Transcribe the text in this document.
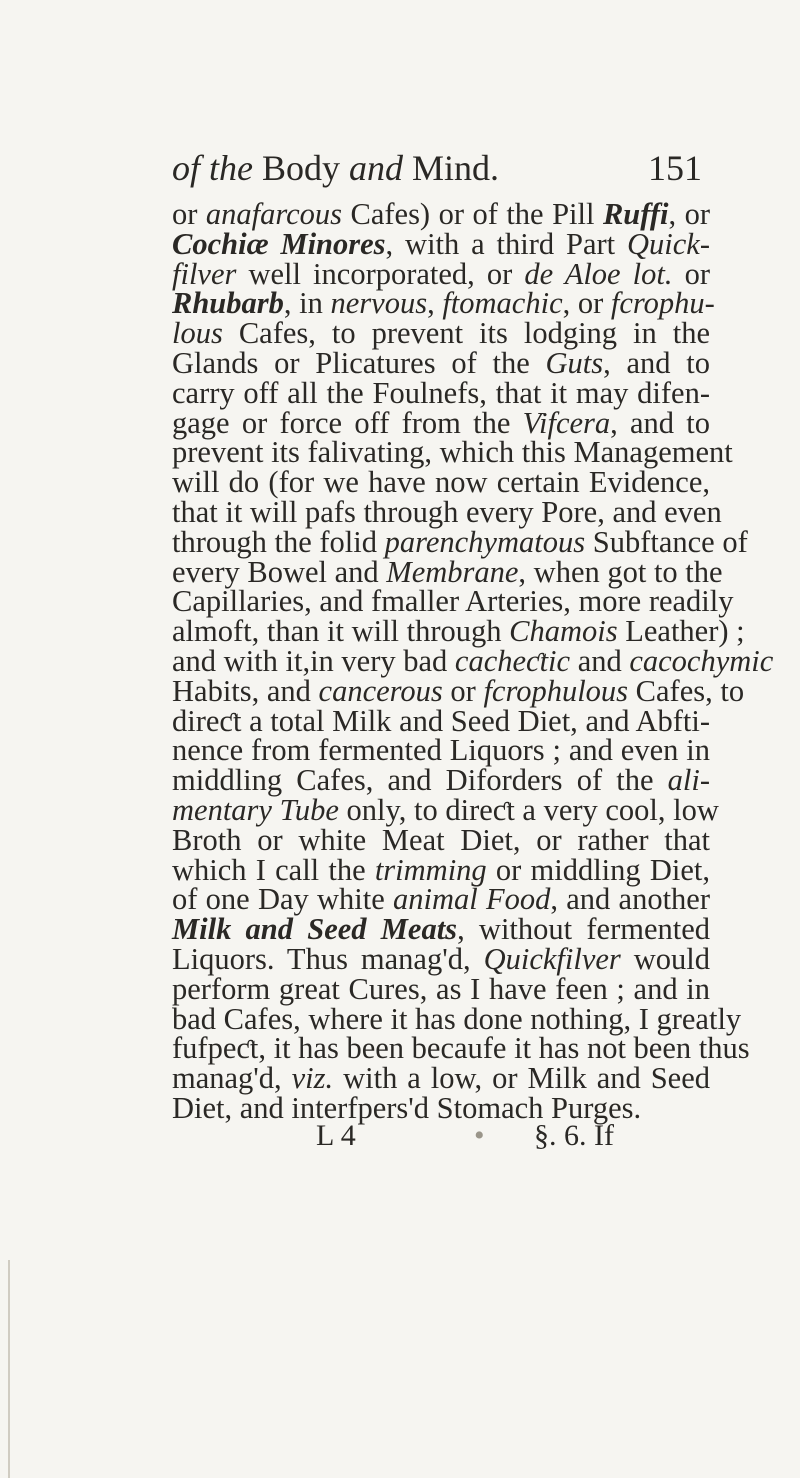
of the Body and Mind.	151
or anafarcous Cafes) or of the Pill Ruffi, or
Cochiæ Minores, with a third Part Quick-
filver well incorporated, or de Aloe lot. or
Rhubarb, in nervous, ftomachic, or fcrophu-
lous Cafes, to prevent its lodging in the
Glands or Plicatures of the Guts, and to
carry off all the Foulnefs, that it may difen-
gage or force off from the Vifcera, and to
prevent its falivating, which this Management
will do (for we have now certain Evidence,
that it will pafs through every Pore, and even
through the folid parenchymatous Subftance of
every Bowel and Membrane, when got to the
Capillaries, and fmaller Arteries, more readily
almoft, than it will through Chamois Leather) ;
and with it,in very bad cacheƈtic and cacochymic
Habits, and cancerous or fcrophulous Cafes, to
direƈt a total Milk and Seed Diet, and Abfti-
nence from fermented Liquors ; and even in
middling Cafes, and Diforders of the ali-
mentary Tube only, to direƈt a very cool, low
Broth or white Meat Diet, or rather that
which I call the trimming or middling Diet,
of one Day white animal Food, and another
Milk and Seed Meats, without fermented
Liquors. Thus manag'd, Quickfilver would
perform great Cures, as I have feen ; and in
bad Cafes, where it has done nothing, I greatly
fufpeƈt, it has been becaufe it has not been thus
manag'd, viz. with a low, or Milk and Seed
Diet, and interfpers'd Stomach Purges.
L 4	• §. 6. If
